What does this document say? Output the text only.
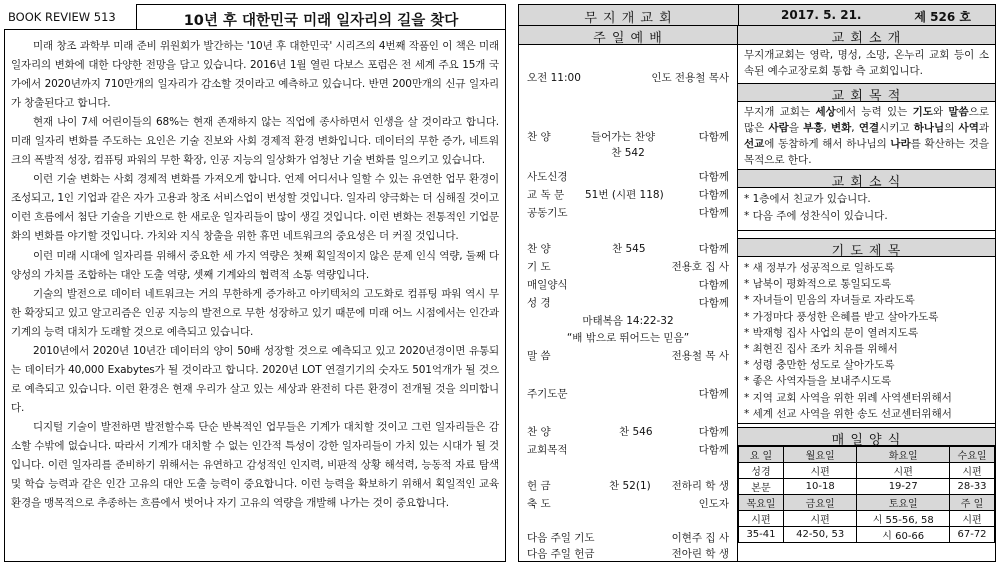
BOOK REVIEW 513	10년 후 대한민국 미래 일자리의 길을 찾다

미래 창조 과학부 미래 준비 위원회가 발간하는 '10년 후 대한민국' 시리즈의 4번째 작품인 이 책은 미래 일자리의 변화에 대한 다양한 전망을 담고 있습니다. 2016년 1월 열린 다보스 포럼은 전 세계 주요 15개 국가에서 2020년까지 710만개의 일자리가 감소할 것이라고 예측하고 있습니다. 반면 200만개의 신규 일자리가 창출된다고 합니다.

현재 나이 7세 어린이들의 68%는 현재 존재하지 않는 직업에 종사하면서 인생을 살 것이라고 합니다. 미래 일자리 변화를 주도하는 요인은 기술 진보와 사회 경제적 환경 변화입니다. 데이터의 무한 증가, 네트워크의 폭발적 성장, 컴퓨팅 파워의 무한 확장, 인공 지능의 일상화가 엄청난 기술 변화를 일으키고 있습니다.

이런 기술 변화는 사회 경제적 변화를 가져오게 합니다. 언제 어디서나 일할 수 있는 유연한 업무 환경이 조성되고, 1인 기업과 같은 자가 고용과 창조 서비스업이 번성할 것입니다. 일자리 양극화는 더 심해질 것이고 이런 흐름에서 첨단 기술을 기반으로 한 새로운 일자리들이 많이 생길 것입니다. 이런 변화는 전통적인 기업문화의 변화를 야기할 것입니다. 가치와 지식 창출을 위한 휴먼 네트워크의 중요성은 더 커질 것입니다.

이런 미래 시대에 일자리를 위해서 중요한 세 가지 역량은 첫째 획일적이지 않은 문제 인식 역량, 둘째 다양성의 가치를 조합하는 대안 도출 역량, 셋째 기계와의 협력적 소통 역량입니다.

기술의 발전으로 데이터 네트워크는 거의 무한하게 증가하고 아키텍처의 고도화로 컴퓨팅 파워 역시 무한 확장되고 있고 알고리즘은 인공 지능의 발전으로 무한 성장하고 있기 때문에 미래 어느 시점에서는 인간과 기계의 능력 대치가 도래할 것으로 예측되고 있습니다.

2010년에서 2020년 10년간 데이터의 양이 50배 성장할 것으로 예측되고 있고 2020년경이면 유통되는 데이터가 40,000 Exabytes가 될 것이라고 합니다. 2020년 LOT 연결기기의 숫자도 501억개가 될 것으로 예측되고 있습니다. 이런 환경은 현재 우리가 살고 있는 세상과 완전히 다른 환경이 전개될 것을 의미합니다.

디지털 기술이 발전하면 발전할수록 단순 반복적인 업무들은 기계가 대치할 것이고 그런 일자리들은 감소할 수밖에 없습니다. 따라서 기계가 대치할 수 없는 인간적 특성이 강한 일자리들이 가치 있는 시대가 될 것입니다. 이런 일자리를 준비하기 위해서는 유연하고 감성적인 인지력, 비판적 상황 해석력, 능동적 자료 탐색 및 학습 능력과 같은 인간 고유의 대안 도출 능력이 중요합니다. 이런 능력을 확보하기 위해서 획일적인 교육 환경을 맹목적으로 추종하는 흐름에서 벗어나 자기 고유의 역량을 개발해 나가는 것이 중요합니다.

무 지 개 교 회	2017. 5. 21.	제 526 호
주 일 예 배
오전 11:00	인도 전용철 목사
찬 양	들어가는 찬양	다함께
찬 542
사도신경	다함께
교 독 문 51번 (시편 118)	다함께
공동기도	다함께
찬 양	찬 545	다함께
기 도	전용호 집 사
매일양식	다함께
성 경	다함께
마태복음 14:22-32
“배 밖으로 뛰어드는 믿음”
말 씀	전용철 목 사
주기도문	다함께
찬 양	찬 546	다함께
교회목적	다함께
헌 금	찬 52(1) 전하리 학 생
축 도	인도자
다음 주일 기도	이현주 집 사
다음 주일 헌금	전아린 학 생
교 회 소 개
무지개교회는 영락, 명성, 소망, 온누리 교회 등이 소속된 예수교장로회 통합 측 교회입니다.
교 회 목 적
무지개 교회는 세상에서 능력 있는 기도와 말씀으로 많은 사람을 부흥, 변화, 연결시키고 하나님의 사역과 선교에 동참하게 해서 하나님의 나라를 확산하는 것을 목적으로 한다.
교 회 소 식
* 1층에서 친교가 있습니다.
* 다음 주에 성찬식이 있습니다.
기 도 제 목
* 새 정부가 성공적으로 일하도록
* 남북이 평화적으로 통일되도록
* 자녀들이 믿음의 자녀들로 자라도록
* 가정마다 풍성한 은혜를 받고 살아가도록
* 박재형 집사 사업의 문이 열려지도록
* 최현진 집사 조카 치유를 위해서
* 성령 충만한 성도로 살아가도록
* 좋은 사역자들을 보내주시도록
* 지역 교회 사역을 위한 위례 사역센터위해서
* 세계 선교 사역을 위한 송도 선교센터위해서
매 일 양 식
요 일	월요일	화요일	수요일
성경	시편	시편	시편
본문	10-18	19-27	28-33
목요일	금요일	토요일	주 일
시편	시편	시 55-56, 58	시편
35-41	42-50, 53	시 60-66	67-72
